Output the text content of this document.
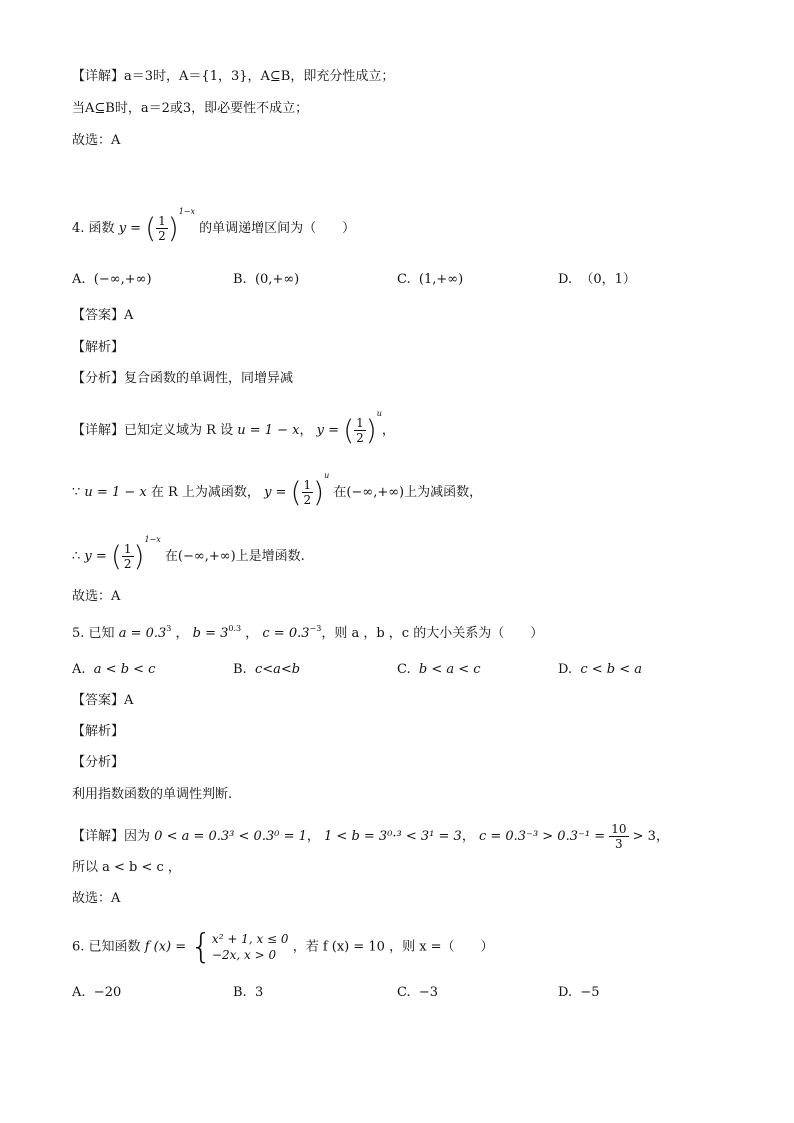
【详解】a＝3时，A＝{1，3}，A⊆B，即充分性成立；
当A⊆B时，a＝2或3，即必要性不成立；
故选：A
4. 函数 y = ( $\frac{1}{2} )^{1-x}$ 的单调递增区间为（　　）
A. (−∞,+∞)	B. (0,+∞)	C. (1,+∞)	D. （0，1）
【答案】A
【解析】
【分析】复合函数的单调性，同增异减
【详解】已知定义域为 R 设 u = 1 − x， y = ( $\frac{1}{2} )^u$，
∵ u = 1 − x 在 R 上为减函数， y = ( $\frac{1}{2} )^u$ 在(−∞,+∞)上为减函数，
∴ y = ( $\frac{1}{2} )^{1-x}$ 在(−∞,+∞)上是增函数.
故选：A
5. 已知 $a = 0.3^3$ ， $b = 3^{0.3}$ ， $c = 0.3^{-3}$，则 a ，b ，c 的大小关系为（　　）
A. a < b < c	B. c<a<b	C. b < a < c	D. c < b < a
【答案】A
【解析】
【分析】
利用指数函数的单调性判断.
【详解】因为 0 < a = 0.3³ < 0.3⁰ = 1， 1 < b = 3⁰·³ < 3¹ = 3， $c = 0.3^{-3} > 0.3^{-1} = \frac{10}{3} > 3$，
所以 a < b < c ，
故选：A
6. 已知函数 f (x) = { x² + 1, x ≤ 0
−2x, x > 0
，若 f (x) = 10 ，则 x =（　　）
A. −20	B. 3	C. −3	D. −5
